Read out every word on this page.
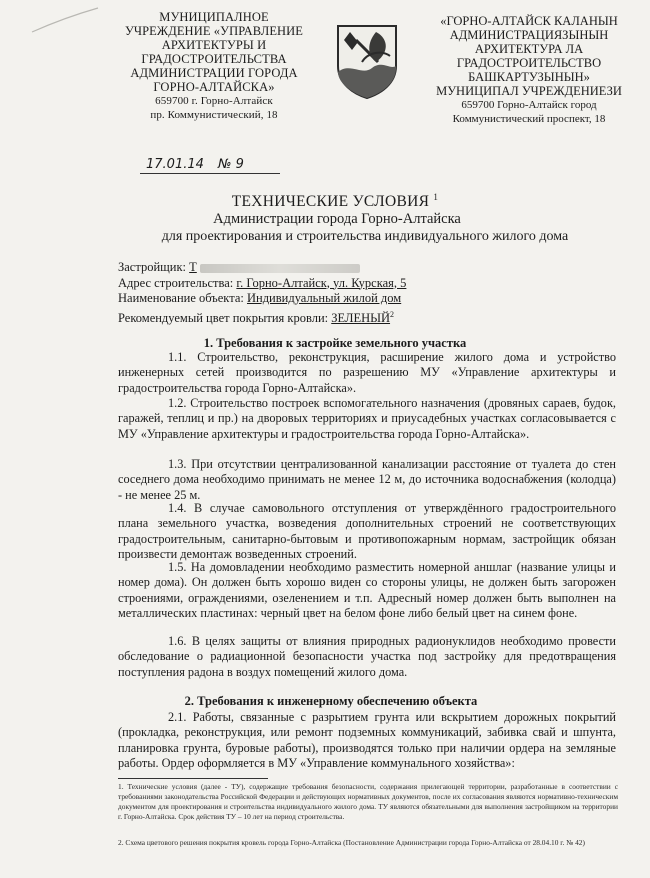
МУНИЦИПАЛНОЕ
УЧРЕЖДЕНИЕ «УПРАВЛЕНИЕ
АРХИТЕКТУРЫ И
ГРАДОСТРОИТЕЛЬСТВА
АДМИНИСТРАЦИИ ГОРОДА
ГОРНО-АЛТАЙСКА»
659700 г. Горно-Алтайск
пр. Коммунистический, 18
«ГОРНО-АЛТАЙСК КАЛАНЫН
АДМИНИСТРАЦИЯЗЫНЫН
АРХИТЕКТУРА ЛА
ГРАДОСТРОИТЕЛЬСТВО
БАШКАРТУЗЫНЫН»
МУНИЦИПАЛ УЧРЕЖДЕНИЕЗИ
659700 Горно-Алтайск город
Коммунистический проспект, 18
17.01.14 № 9
ТЕХНИЧЕСКИЕ УСЛОВИЯ $^1$
Администрации города Горно-Алтайска
для проектирования и строительства индивидуального жилого дома
Застройщик: Т
Адрес строительства: г. Горно-Алтайск, ул. Курская, 5
Наименование объекта: Индивидуальный жилой дом
Рекомендуемый цвет покрытия кровли: ЗЕЛЕНЫЙ$^2$
1. Требования к застройке земельного участка
1.1. Строительство, реконструкция, расширение жилого дома и устройство инженерных сетей производится по разрешению МУ «Управление архитектуры и градостроительства города Горно-Алтайска».
1.2. Строительство построек вспомогательного назначения (дровяных сараев, будок, гаражей, теплиц и пр.) на дворовых территориях и приусадебных участках согласовывается с МУ «Управление архитектуры и градостроительства города Горно-Алтайска».
1.3. При отсутствии централизованной канализации расстояние от туалета до стен соседнего дома необходимо принимать не менее 12 м, до источника водоснабжения (колодца) - не менее 25 м.
1.4. В случае самовольного отступления от утверждённого градостроительного плана земельного участка, возведения дополнительных строений не соответствующих градостроительным, санитарно-бытовым и противопожарным нормам, застройщик обязан произвести демонтаж возведенных строений.
1.5. На домовладении необходимо разместить номерной аншлаг (название улицы и номер дома). Он должен быть хорошо виден со стороны улицы, не должен быть загорожен строениями, ограждениями, озеленением и т.п. Адресный номер должен быть выполнен на металлических пластинах: черный цвет на белом фоне либо белый цвет на синем фоне.
1.6. В целях защиты от влияния природных радионуклидов необходимо провести обследование о радиационной безопасности участка под застройку для предотвращения поступления радона в воздух помещений жилого дома.
2. Требования к инженерному обеспечению объекта
2.1. Работы, связанные с разрытием грунта или вскрытием дорожных покрытий (прокладка, реконструкция, или ремонт подземных коммуникаций, забивка свай и шпунта, планировка грунта, буровые работы), производятся только при наличии ордера на земляные работы. Ордер оформляется в МУ «Управление коммунального хозяйства»:
1. Технические условия (далее - ТУ), содержащие требования безопасности, содержания прилегающей территории, разработанные в соответствии с требованиями законодательства Российской Федерации и действующих нормативных документов, после их согласования являются нормативно-техническим документом для проектирования и строительства индивидуального жилого дома. ТУ являются обязательными для выполнения застройщиком на территории г. Горно-Алтайска. Срок действия ТУ – 10 лет на период строительства.
2. Схема цветового решения покрытия кровель города Горно-Алтайска (Постановление Администрации города Горно-Алтайска от 28.04.10 г. № 42)
